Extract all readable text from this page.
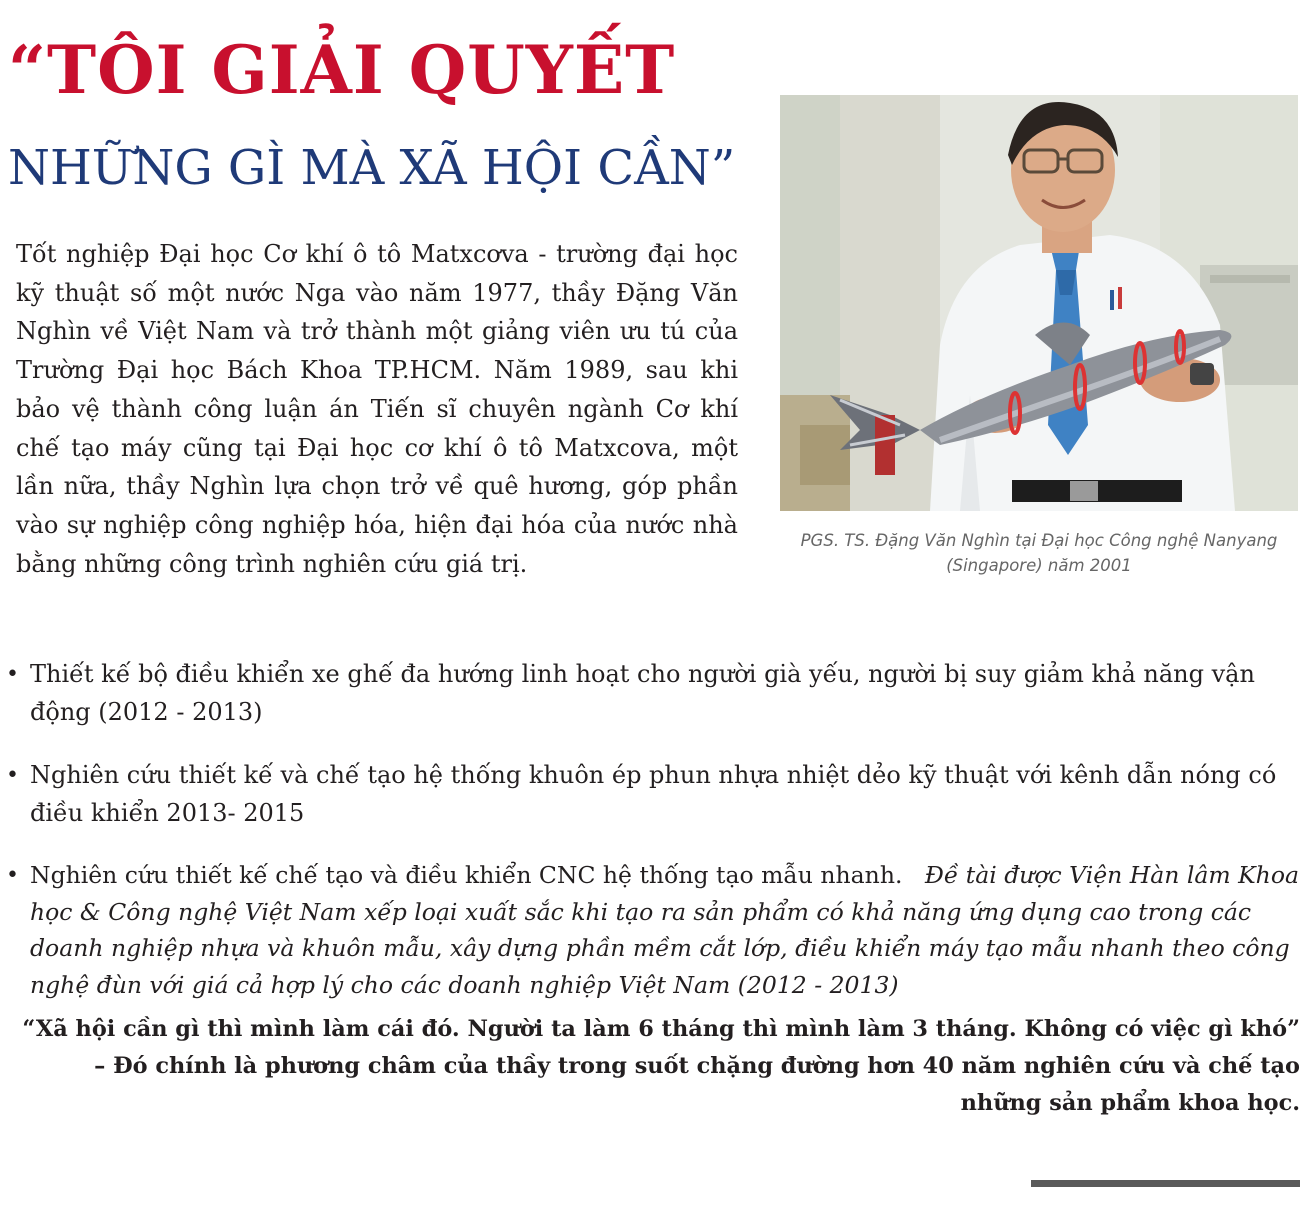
“TÔI GIẢI QUYẾT
NHỮNG GÌ MÀ XÃ HỘI CẦN”

Tốt nghiệp Đại học Cơ khí ô tô Matxcơva - trường đại học kỹ thuật số một nước Nga vào năm 1977, thầy Đặng Văn Nghìn về Việt Nam và trở thành một giảng viên ưu tú của Trường Đại học Bách Khoa TP.HCM. Năm 1989, sau khi bảo vệ thành công luận án Tiến sĩ chuyên ngành Cơ khí chế tạo máy cũng tại Đại học cơ khí ô tô Matxcova, một lần nữa, thầy Nghìn lựa chọn trở về quê hương, góp phần vào sự nghiệp công nghiệp hóa, hiện đại hóa của nước nhà bằng những công trình nghiên cứu giá trị.

PGS. TS. Đặng Văn Nghìn tại Đại học Công nghệ Nanyang
(Singapore) năm 2001

• Thiết kế bộ điều khiển xe ghế đa hướng linh hoạt cho người già yếu, người bị suy giảm khả năng vận động (2012 - 2013)
• Nghiên cứu thiết kế và chế tạo hệ thống khuôn ép phun nhựa nhiệt dẻo kỹ thuật với kênh dẫn nóng có điều khiển 2013- 2015
• Nghiên cứu thiết kế chế tạo và điều khiển CNC hệ thống tạo mẫu nhanh. Đề tài được Viện Hàn lâm Khoa học & Công nghệ Việt Nam xếp loại xuất sắc khi tạo ra sản phẩm có khả năng ứng dụng cao trong các doanh nghiệp nhựa và khuôn mẫu, xây dựng phần mềm cắt lớp, điều khiển máy tạo mẫu nhanh theo công nghệ đùn với giá cả hợp lý cho các doanh nghiệp Việt Nam (2012 - 2013)

“Xã hội cần gì thì mình làm cái đó. Người ta làm 6 tháng thì mình làm 3 tháng. Không có việc gì khó” – Đó chính là phương châm của thầy trong suốt chặng đường hơn 40 năm nghiên cứu và chế tạo những sản phẩm khoa học.
